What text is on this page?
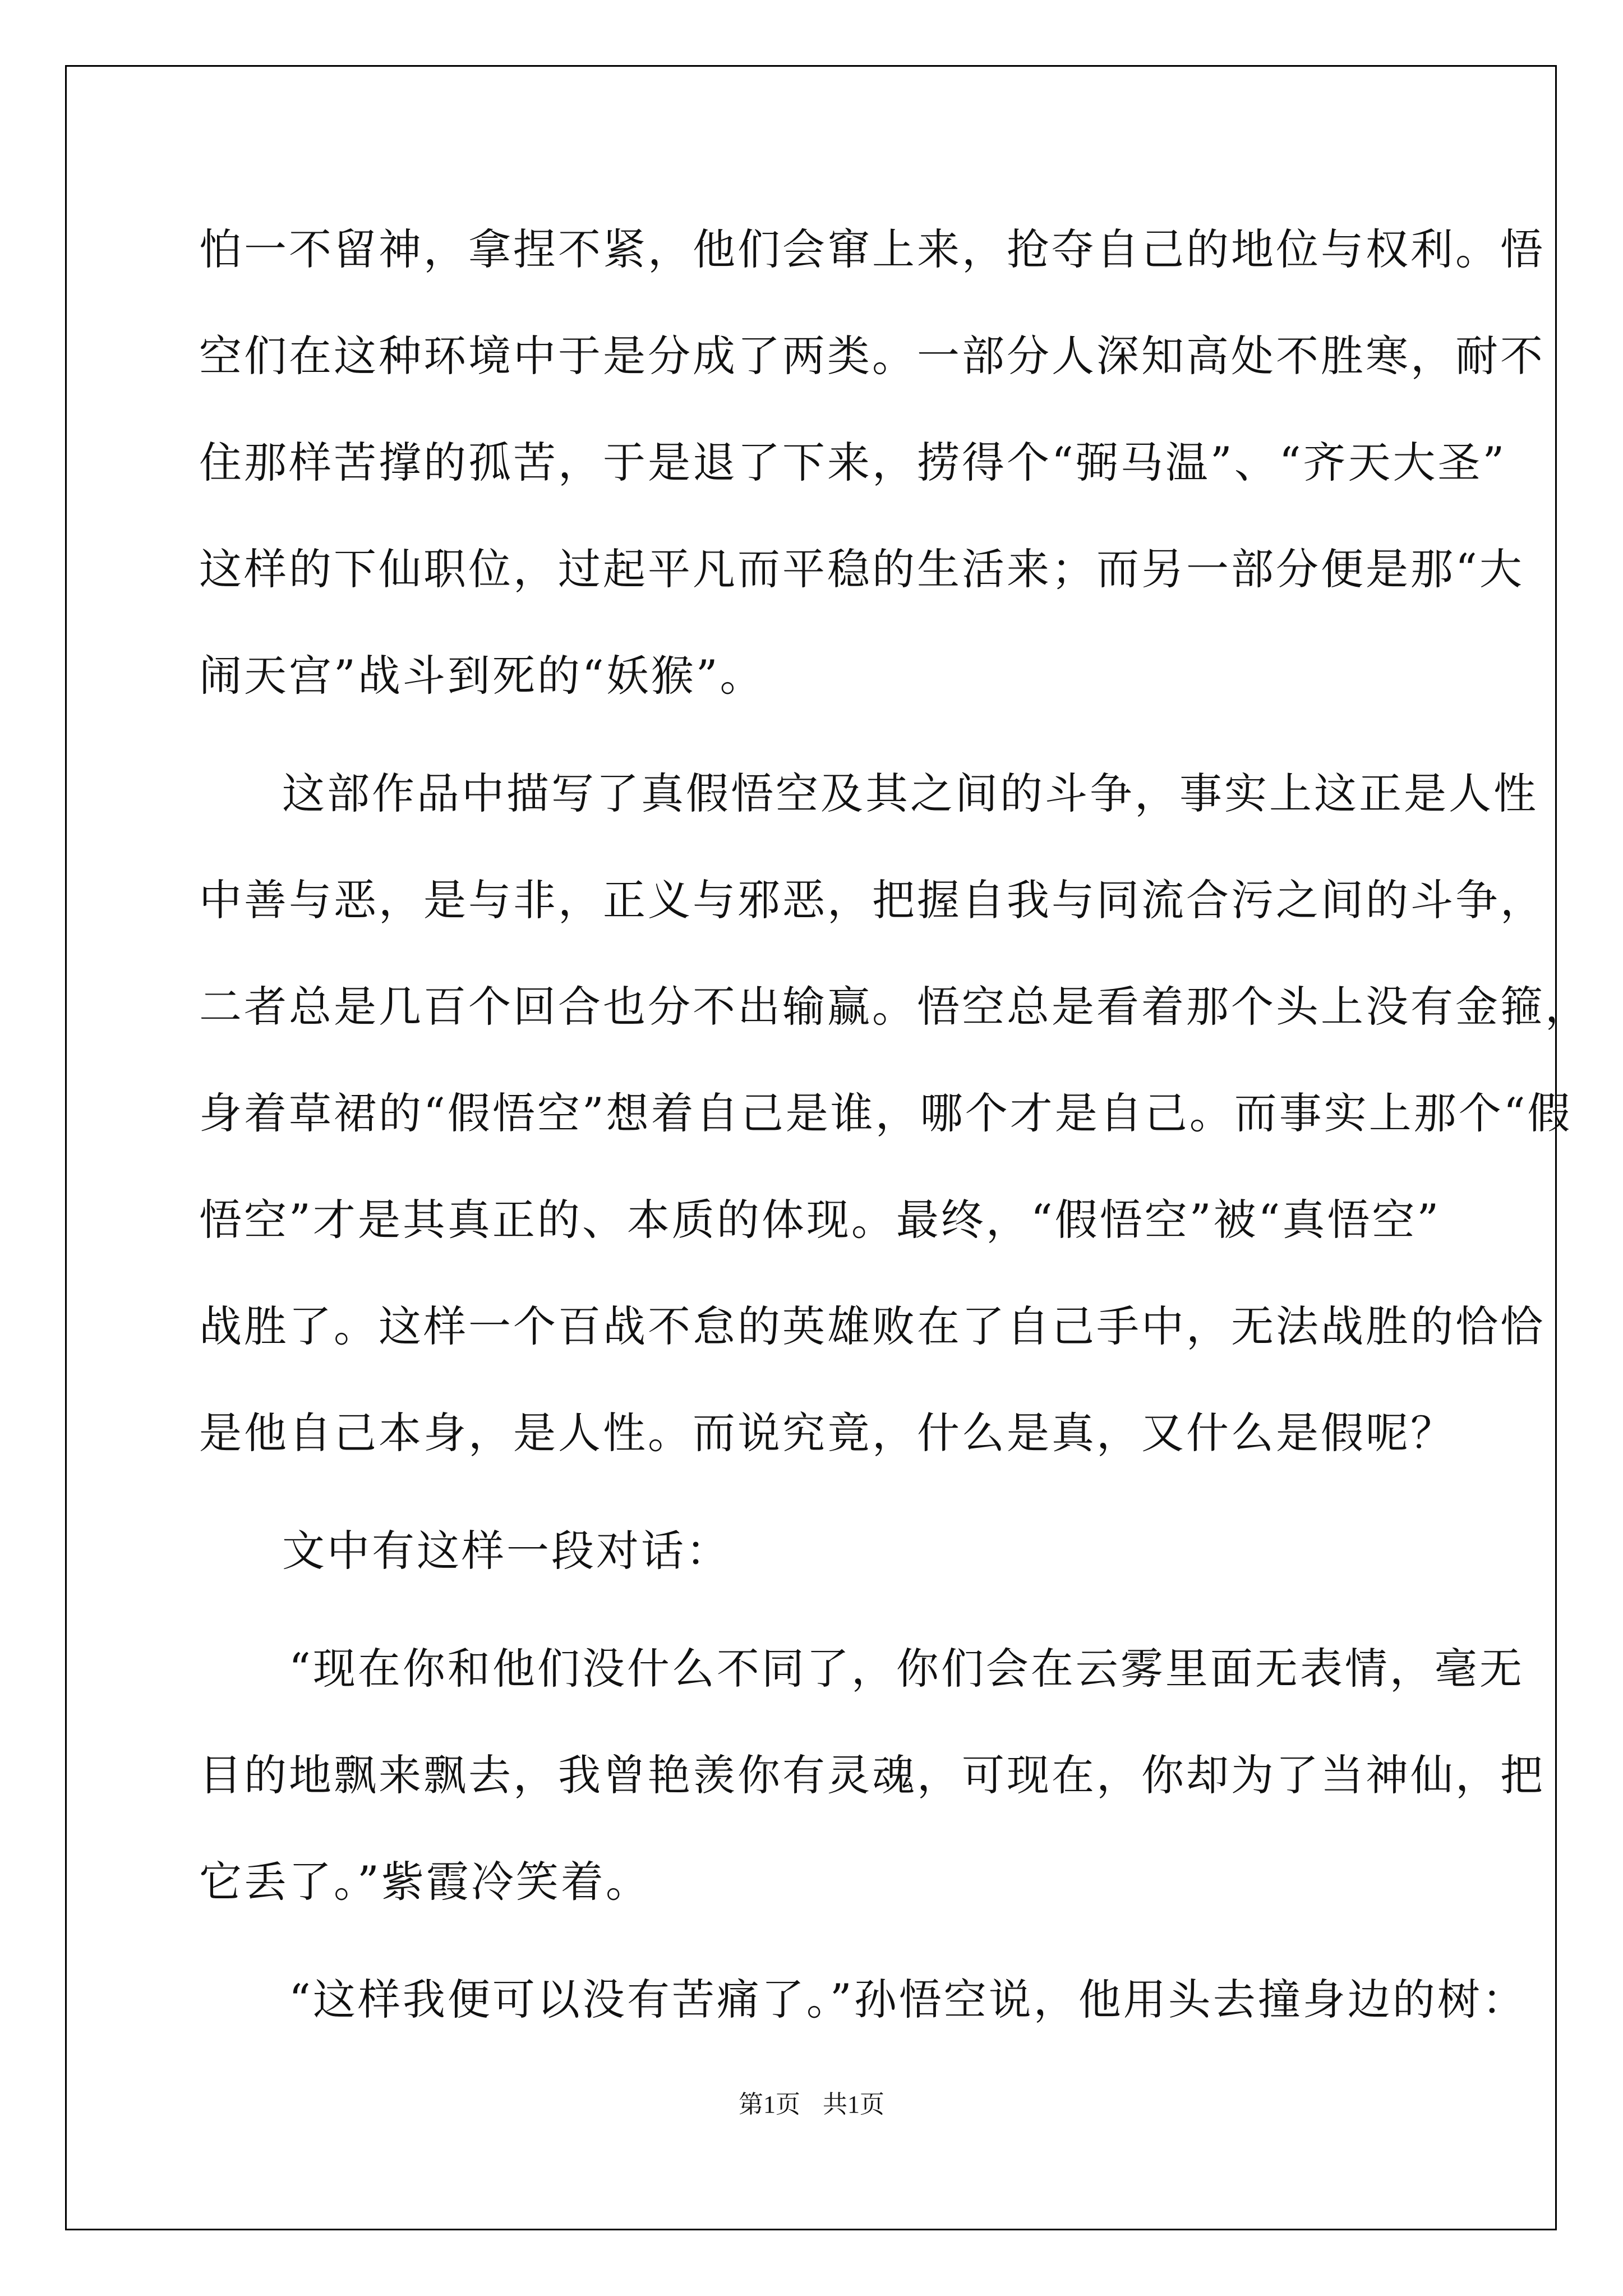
怕一不留神，拿捏不紧，他们会窜上来，抢夺自己的地位与权利。悟
空们在这种环境中于是分成了两类。一部分人深知高处不胜寒，耐不
住那样苦撑的孤苦，于是退了下来，捞得个“弼马温”、“齐天大圣”
这样的下仙职位，过起平凡而平稳的生活来；而另一部分便是那“大
闹天宫”战斗到死的“妖猴”。
这部作品中描写了真假悟空及其之间的斗争，事实上这正是人性
中善与恶，是与非，正义与邪恶，把握自我与同流合污之间的斗争，
二者总是几百个回合也分不出输赢。悟空总是看着那个头上没有金箍，
身着草裙的“假悟空”想着自己是谁，哪个才是自己。而事实上那个“假
悟空”才是其真正的、本质的体现。最终，“假悟空”被“真悟空”
战胜了。这样一个百战不怠的英雄败在了自己手中，无法战胜的恰恰
是他自己本身，是人性。而说究竟，什么是真，又什么是假呢？
文中有这样一段对话：
“现在你和他们没什么不同了，你们会在云雾里面无表情，毫无
目的地飘来飘去，我曾艳羡你有灵魂，可现在，你却为了当神仙，把
它丢了。”紫霞冷笑着。
“这样我便可以没有苦痛了。”孙悟空说，他用头去撞身边的树：
第1页 共1页
